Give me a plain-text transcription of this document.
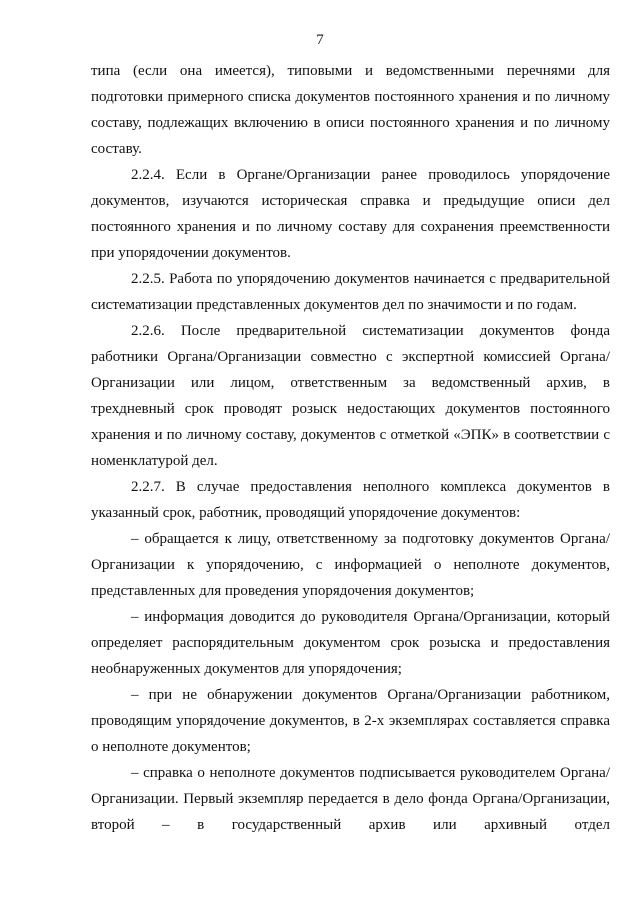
7

типа (если она имеется), типовыми и ведомственными перечнями для подготовки примерного списка документов постоянного хранения и по личному составу, подлежащих включению в описи постоянного хранения и по личному составу.

2.2.4. Если в Органе/Организации ранее проводилось упорядочение документов, изучаются историческая справка и предыдущие описи дел постоянного хранения и по личному составу для сохранения преемственности при упорядочении документов.

2.2.5. Работа по упорядочению документов начинается с предварительной систематизации представленных документов дел по значимости и по годам.

2.2.6. После предварительной систематизации документов фонда работники Органа/Организации совместно с экспертной комиссией Органа/Организации или лицом, ответственным за ведомственный архив, в трехдневный срок проводят розыск недостающих документов постоянного хранения и по личному составу, документов с отметкой «ЭПК» в соответствии с номенклатурой дел.

2.2.7. В случае предоставления неполного комплекса документов в указанный срок, работник, проводящий упорядочение документов:

– обращается к лицу, ответственному за подготовку документов Органа/Организации к упорядочению, с информацией о неполноте документов, представленных для проведения упорядочения документов;

– информация доводится до руководителя Органа/Организации, который определяет распорядительным документом срок розыска и предоставления необнаруженных документов для упорядочения;

– при не обнаружении документов Органа/Организации работником, проводящим упорядочение документов, в 2-х экземплярах составляется справка о неполноте документов;

– справка о неполноте документов подписывается руководителем Органа/Организации. Первый экземпляр передается в дело фонда Органа/Организации, второй – в государственный архив или архивный отдел
